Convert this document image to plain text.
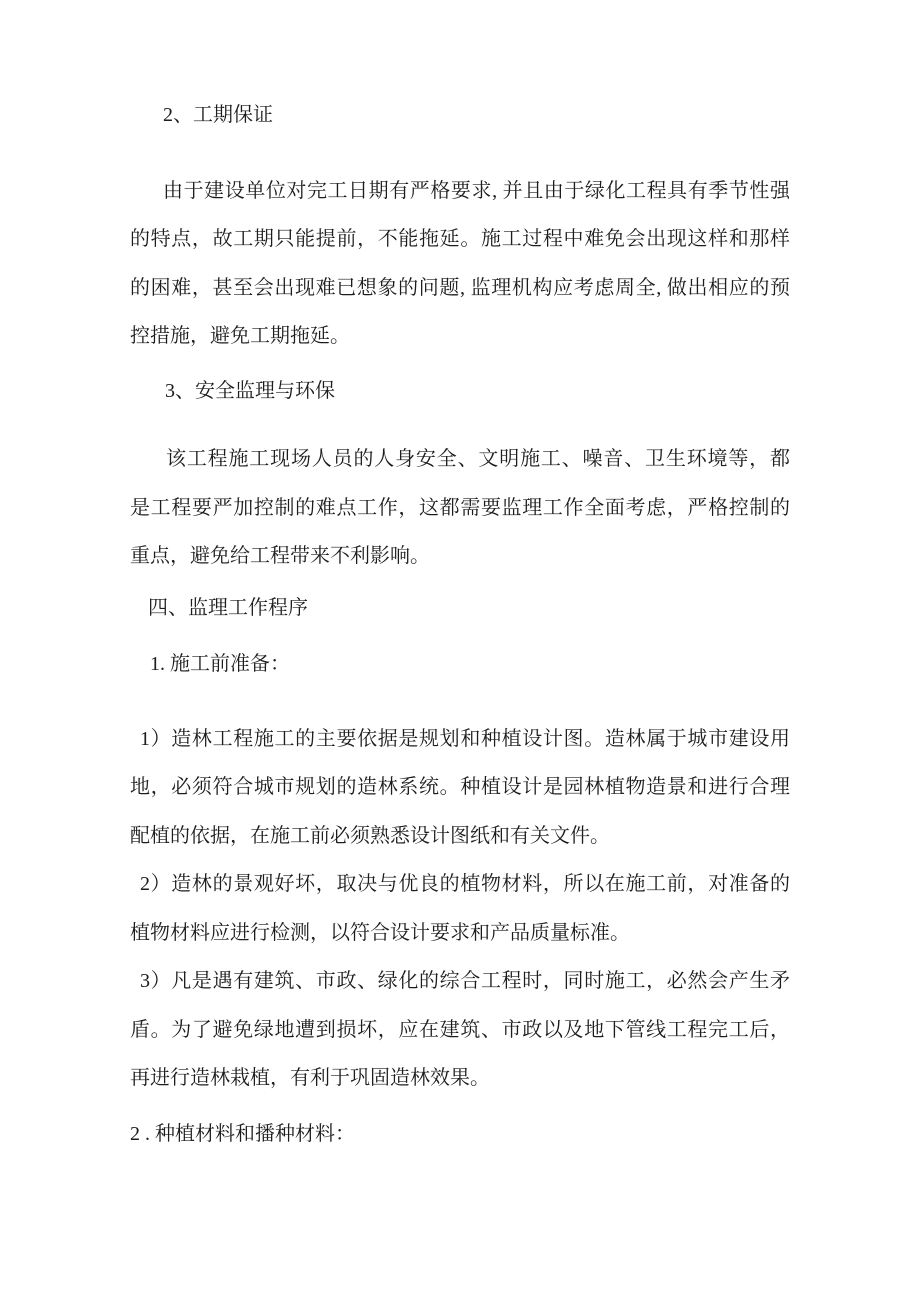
2、工期保证

由于建设单位对完工日期有严格要求, 并且由于绿化工程具有季节性强
的特点，故工期只能提前，不能拖延。施工过程中难免会出现这样和那样
的困难，甚至会出现难已想象的问题, 监理机构应考虑周全, 做出相应的预
控措施，避免工期拖延。

3、安全监理与环保

该工程施工现场人员的人身安全、文明施工、噪音、卫生环境等，都
是工程要严加控制的难点工作，这都需要监理工作全面考虑，严格控制的
重点，避免给工程带来不利影响。

四、监理工作程序

1. 施工前准备：

1）造林工程施工的主要依据是规划和种植设计图。造林属于城市建设用
地，必须符合城市规划的造林系统。种植设计是园林植物造景和进行合理
配植的依据，在施工前必须熟悉设计图纸和有关文件。

2）造林的景观好坏，取决与优良的植物材料，所以在施工前，对准备的
植物材料应进行检测，以符合设计要求和产品质量标准。

3）凡是遇有建筑、市政、绿化的综合工程时，同时施工，必然会产生矛
盾。为了避免绿地遭到损坏，应在建筑、市政以及地下管线工程完工后，
再进行造林栽植，有利于巩固造林效果。

2 . 种植材料和播种材料：
